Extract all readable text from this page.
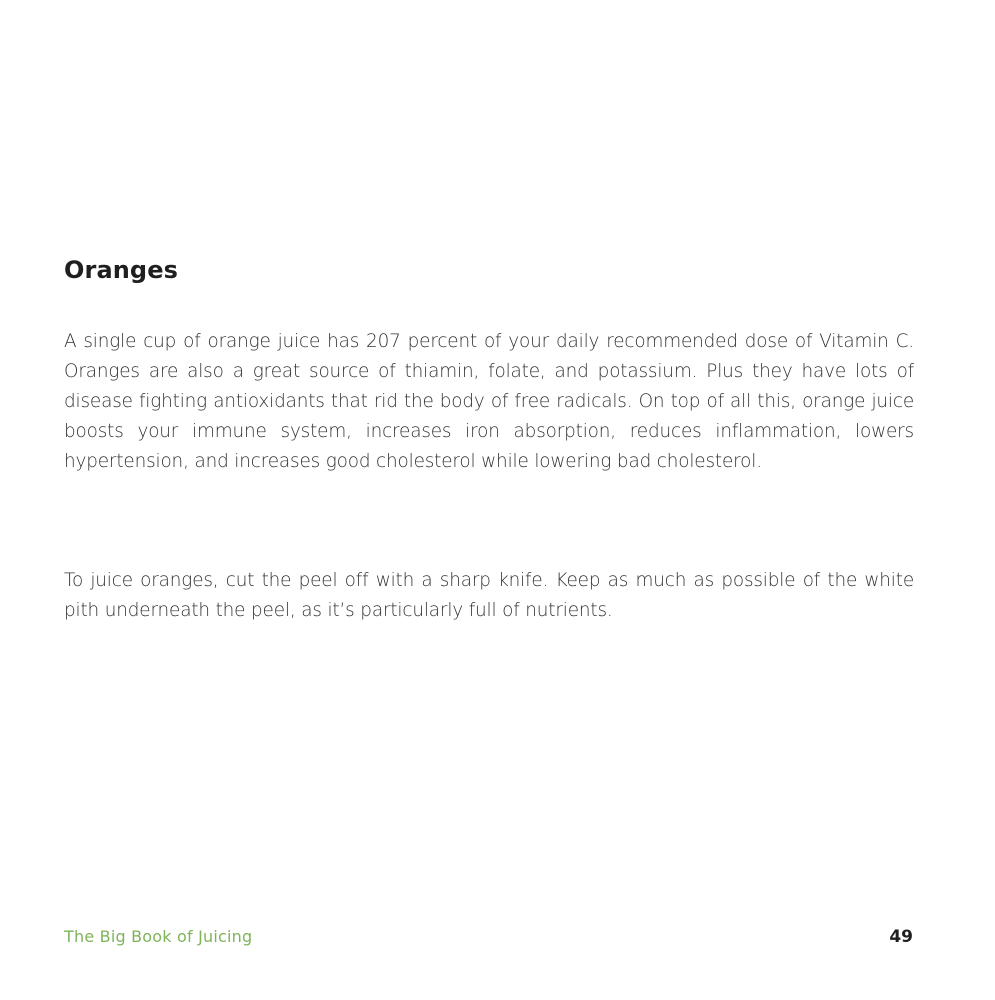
Oranges

A single cup of orange juice has 207 percent of your daily recommended dose of Vitamin C. Oranges are also a great source of thiamin, folate, and potassium. Plus they have lots of disease fighting antioxidants that rid the body of free radicals. On top of all this, orange juice boosts your immune system, increases iron absorption, reduces inflammation, lowers hypertension, and increases good cholesterol while lowering bad cholesterol.

To juice oranges, cut the peel off with a sharp knife. Keep as much as possible of the white pith underneath the peel, as it’s particularly full of nutrients.

The Big Book of Juicing	49
